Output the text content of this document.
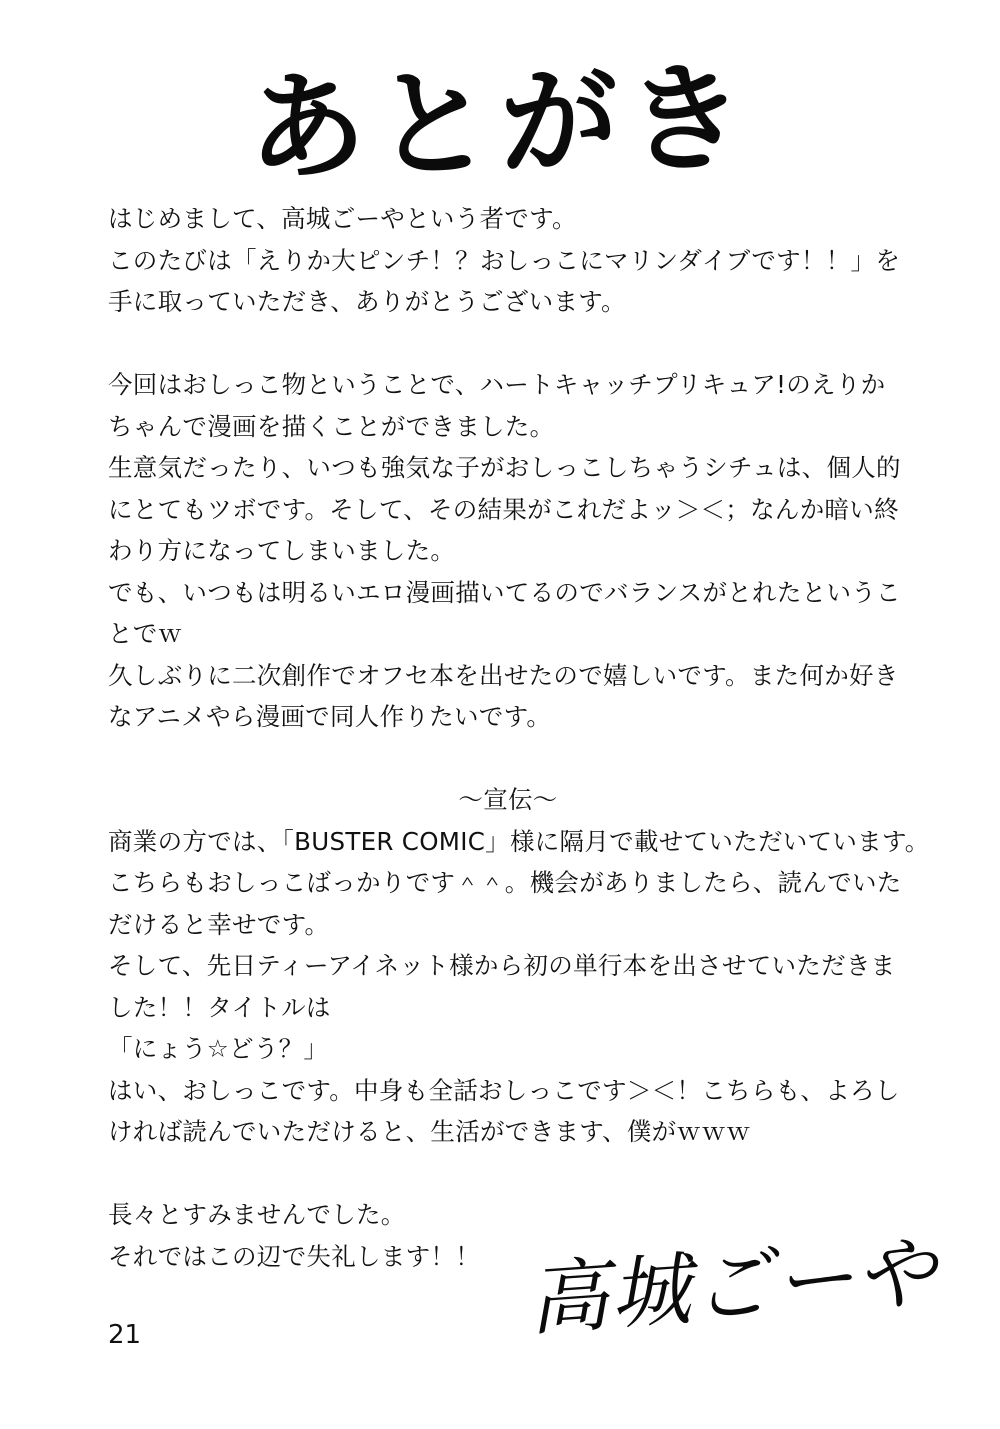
あとがき
はじめまして、高城ごーやという者です。
このたびは「えりか大ピンチ！？おしっこにマリンダイブです！！」を
手に取っていただき、ありがとうございます。
今回はおしっこ物ということで、ハートキャッチプリキュア!のえりか
ちゃんで漫画を描くことができました。
生意気だったり、いつも強気な子がおしっこしちゃうシチュは、個人的
にとてもツボです。そして、その結果がこれだよッ＞＜；なんか暗い終
わり方になってしまいました。
でも、いつもは明るいエロ漫画描いてるのでバランスがとれたというこ
とでｗ
久しぶりに二次創作でオフセ本を出せたので嬉しいです。また何か好き
なアニメやら漫画で同人作りたいです。
～宣伝～
商業の方では、「BUSTER COMIC」様に隔月で載せていただいています。
こちらもおしっこばっかりです＾＾。機会がありましたら、読んでいた
だけると幸せです。
そして、先日ティーアイネット様から初の単行本を出させていただきま
した！！タイトルは
「にょう☆どう？」
はい、おしっこです。中身も全話おしっこです＞＜！こちらも、よろし
ければ読んでいただけると、生活ができます、僕がｗｗｗ
長々とすみませんでした。
それではこの辺で失礼します！！ 高城ごーや
21
